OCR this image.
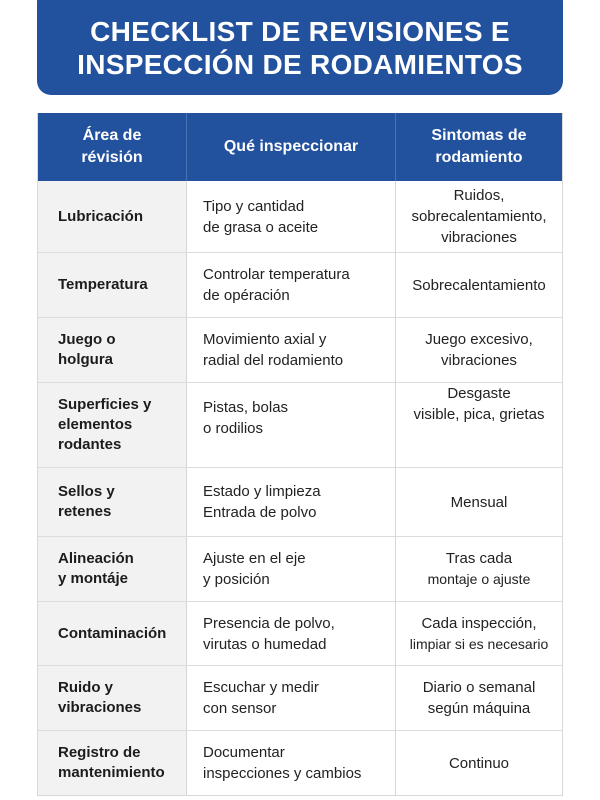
CHECKLIST DE REVISIONES E
INSPECCIÓN DE RODAMIENTOS
Área de
révisión
Qué inspeccionar
Sintomas de
rodamiento
Lubricación
Tipo y cantidad
de grasa o aceite
Ruidos,
sobrecalentamiento,
vibraciones
Temperatura
Controlar temperatura
de opéración
Sobrecalentamiento
Juego o
holgura
Movimiento axial y
radial del rodamiento
Juego excesivo,
vibraciones
Superficies y
elementos
rodantes
Pistas, bolas
o rodilios
Desgaste
visible, pica, grietas
Sellos y
retenes
Estado y limpieza
Entrada de polvo
Mensual
Alineación
y montáje
Ajuste en el eje
y posición
Tras cada
montaje o ajuste
Contaminación
Presencia de polvo,
virutas o humedad
Cada inspección,
limpiar si es necesario
Ruido y
vibraciones
Escuchar y medir
con sensor
Diario o semanal
según máquina
Registro de
mantenimiento
Documentar
inspecciones y cambios
Continuo
